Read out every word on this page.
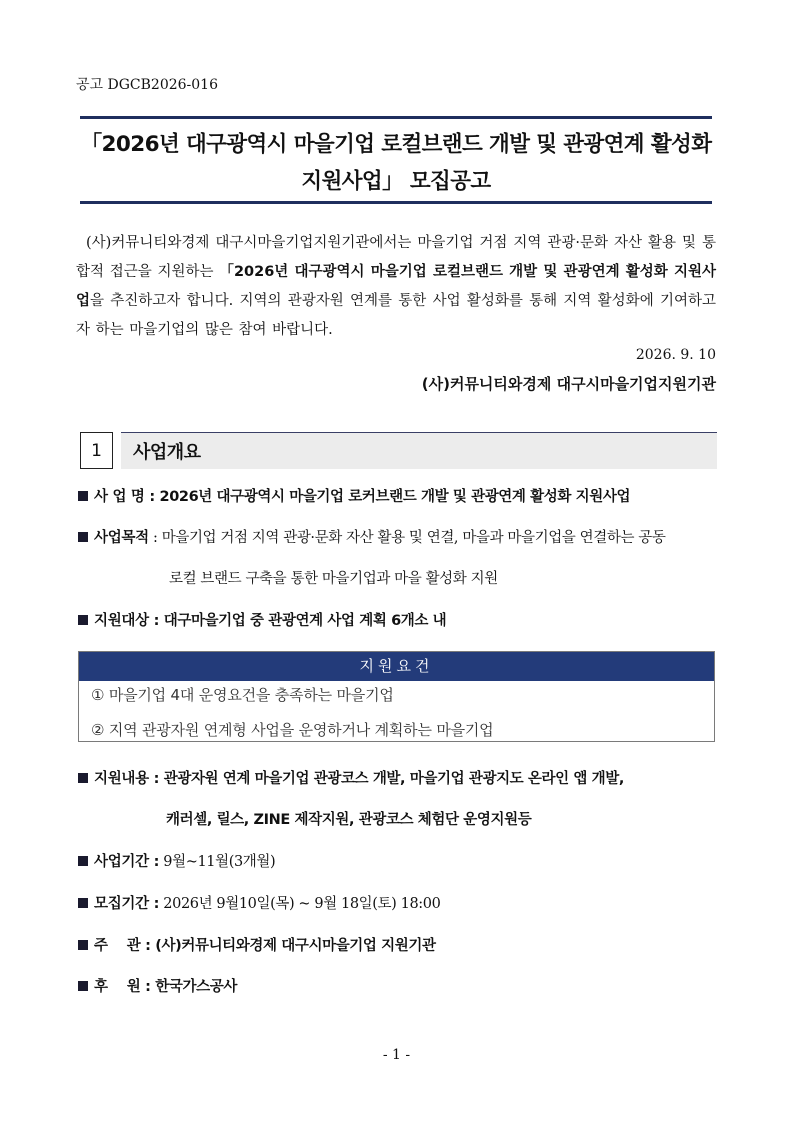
공고 DGCB2026-016
「2026년 대구광역시 마을기업 로컬브랜드 개발 및 관광연계 활성화
지원사업」 모집공고
(사)커뮤니티와경제 대구시마을기업지원기관에서는 마을기업 거점 지역 관광·문화 자산 활용 및 통합적 접근을 지원하는 「2026년 대구광역시 마을기업 로컬브랜드 개발 및 관광연계 활성화 지원사업을 추진하고자 합니다. 지역의 관광자원 연계를 통한 사업 활성화를 통해 지역 활성화에 기여하고자 하는 마을기업의 많은 참여 바랍니다.
2026. 9. 10
(사)커뮤니티와경제 대구시마을기업지원기관
1	사업개요
사 업 명 : 2026년 대구광역시 마을기업 로커브랜드 개발 및 관광연계 활성화 지원사업
사업목적 : 마을기업 거점 지역 관광·문화 자산 활용 및 연결, 마을과 마을기업을 연결하는 공동
로컬 브랜드 구축을 통한 마을기업과 마을 활성화 지원
지원대상 : 대구마을기업 중 관광연계 사업 계획 6개소 내
지원요건
① 마을기업 4대 운영요건을 충족하는 마을기업
② 지역 관광자원 연계형 사업을 운영하거나 계획하는 마을기업
지원내용 : 관광자원 연계 마을기업 관광코스 개발, 마을기업 관광지도 온라인 앱 개발,
캐러셀, 릴스, ZINE 제작지원, 관광코스 체험단 운영지원등
사업기간 : 9월~11월(3개월)
모집기간 : 2026년 9월10일(목) ~ 9월 18일(토) 18:00
주    관 : (사)커뮤니티와경제 대구시마을기업 지원기관
후    원 : 한국가스공사
- 1 -
